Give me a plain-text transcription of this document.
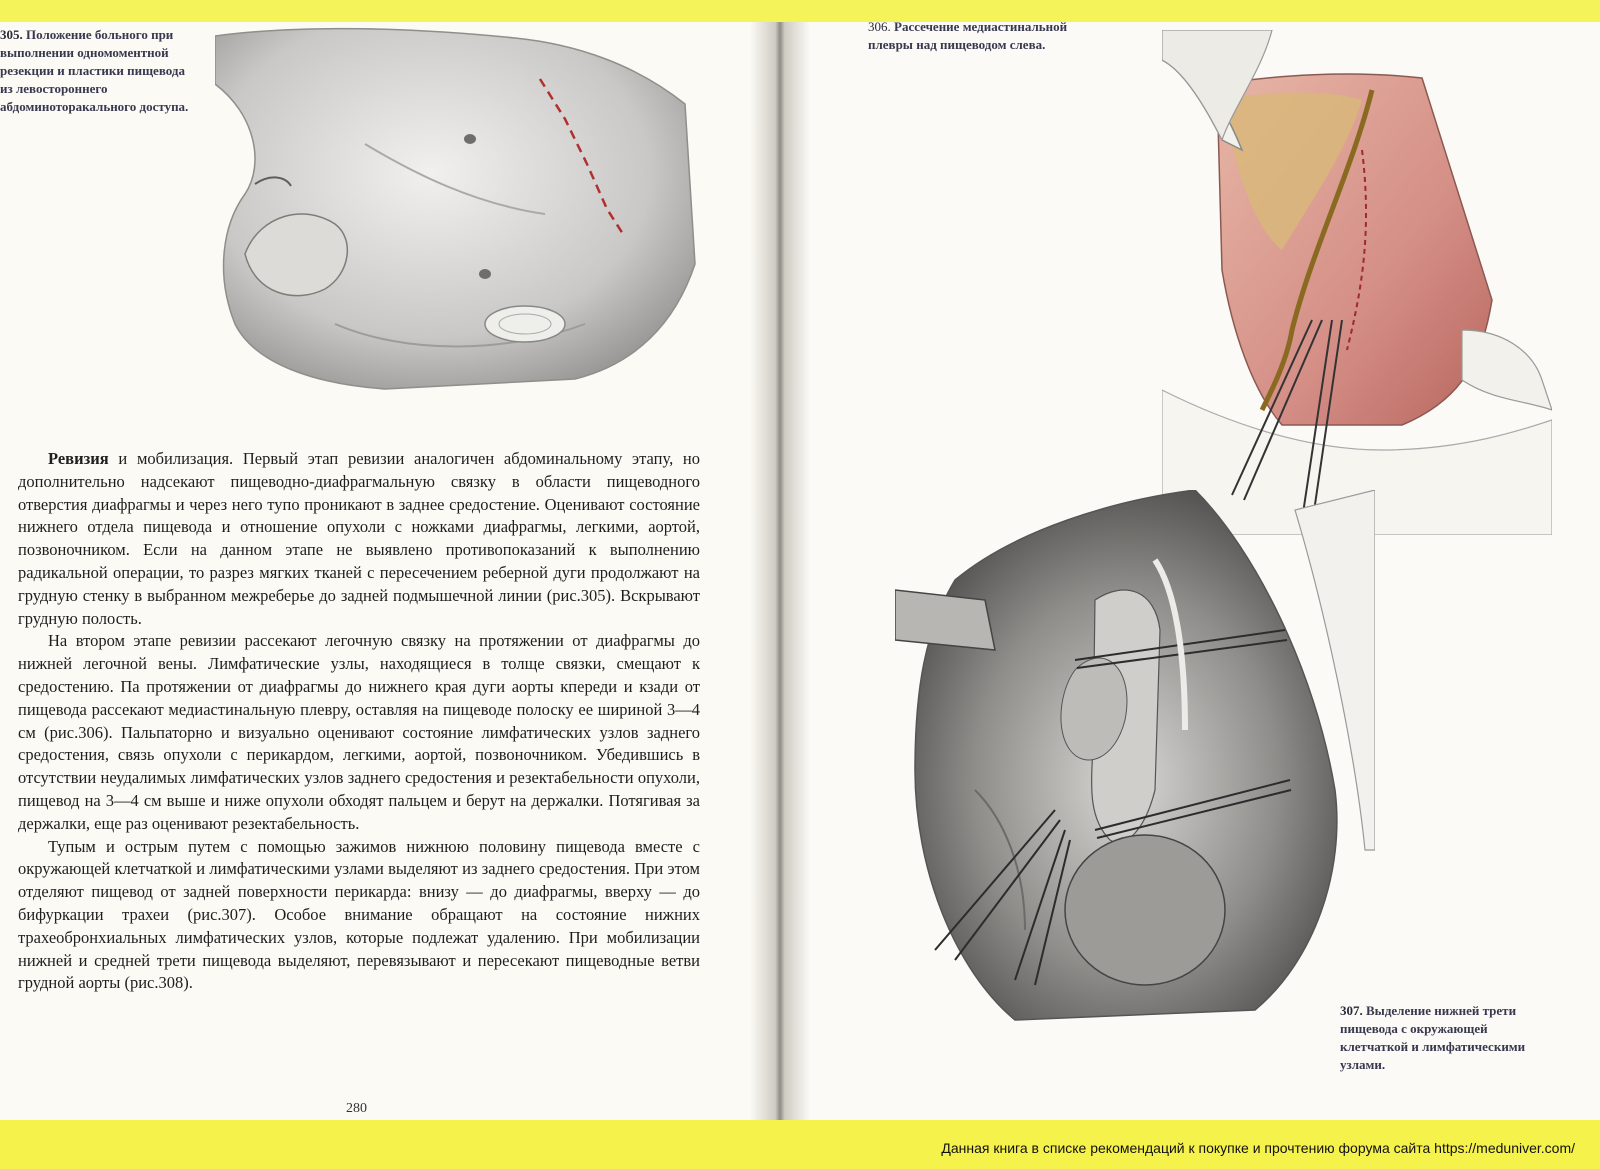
305. Положение больного при выполнении одномоментной резекции и пластики пищевода из левостороннего абдоминоторакального доступа.

Ревизия и мобилизация. Первый этап ревизии аналогичен абдоминальному этапу, но дополнительно надсекают пищеводно-диафрагмальную связку в области пищеводного отверстия диафрагмы и через него тупо проникают в заднее средостение. Оценивают состояние нижнего отдела пищевода и отношение опухоли с ножками диафрагмы, легкими, аортой, позвоночником. Если на данном этапе не выявлено противопоказаний к выполнению радикальной операции, то разрез мягких тканей с пересечением реберной дуги продолжают на грудную стенку в выбранном межреберье до задней подмышечной линии (рис.305). Вскрывают грудную полость.

На втором этапе ревизии рассекают легочную связку на протяжении от диафрагмы до нижней легочной вены. Лимфатические узлы, находящиеся в толще связки, смещают к средостению. Па протяжении от диафрагмы до нижнего края дуги аорты кпереди и кзади от пищевода рассекают медиастинальную плевру, оставляя на пищеводе полоску ее шириной 3—4 см (рис.306). Пальпаторно и визуально оценивают состояние лимфатических узлов заднего средостения, связь опухоли с перикардом, легкими, аортой, позвоночником. Убедившись в отсутствии неудалимых лимфатических узлов заднего средостения и резектабельности опухоли, пищевод на 3—4 см выше и ниже опухоли обходят пальцем и берут на держалки. Потягивая за держалки, еще раз оценивают резектабельность.

Тупым и острым путем с помощью зажимов нижнюю половину пищевода вместе с окружающей клетчаткой и лимфатическими узлами выделяют из заднего средостения. При этом отделяют пищевод от задней поверхности перикарда: внизу — до диафрагмы, вверху — до бифуркации трахеи (рис.307). Особое внимание обращают на состояние нижних трахеобронхиальных лимфатических узлов, которые подлежат удалению. При мобилизации нижней и средней трети пищевода выделяют, перевязывают и пересекают пищеводные ветви грудной аорты (рис.308).

280

306. Рассечение медиастинальной плевры над пищеводом слева.

307. Выделение нижней трети пищевода с окружающей клетчаткой и лимфатическими узлами.

Данная книга в списке рекомендаций к покупке и прочтению форума сайта https://meduniver.com/
